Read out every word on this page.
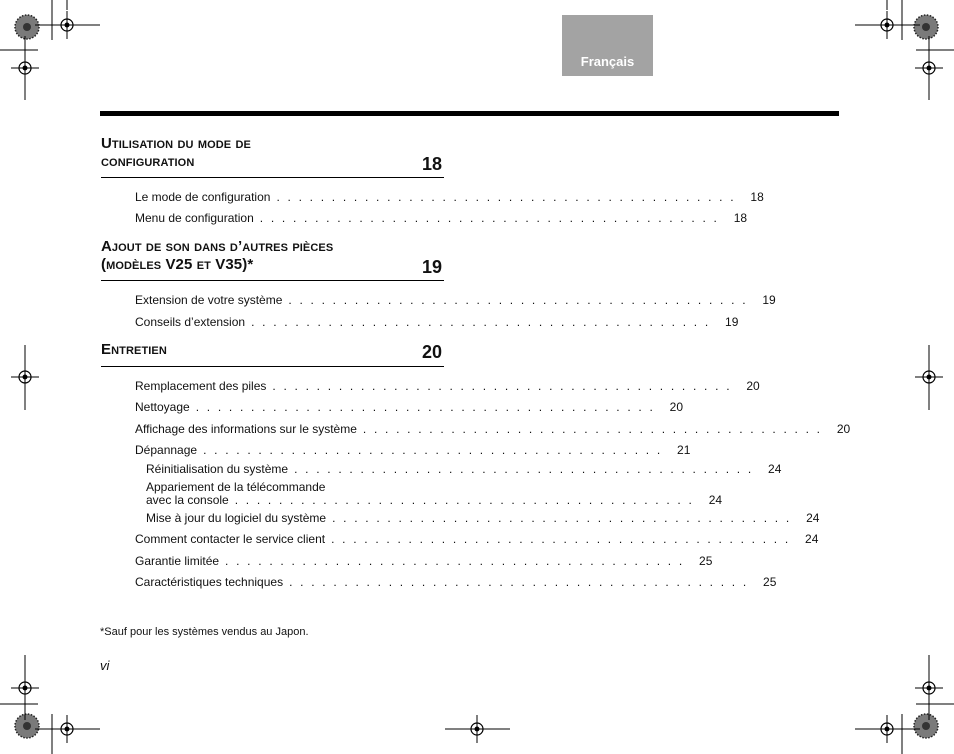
Français
Utilisation du mode de
configuration	18
Le mode de configuration . . . . . . . . . . . . . . . . . . . . . . . . . . . . . . . . . . . . . . . . . .	18
Menu de configuration . . . . . . . . . . . . . . . . . . . . . . . . . . . . . . . . . . . . . . . . . .	18
Ajout de son dans d’autres pièces
(modèles V25 et V35)*	19
Extension de votre système . . . . . . . . . . . . . . . . . . . . . . . . . . . . . . . . . . . . . . . . . .	19
Conseils d’extension . . . . . . . . . . . . . . . . . . . . . . . . . . . . . . . . . . . . . . . . . .	19
Entretien	20
Remplacement des piles . . . . . . . . . . . . . . . . . . . . . . . . . . . . . . . . . . . . . . . . . .	20
Nettoyage . . . . . . . . . . . . . . . . . . . . . . . . . . . . . . . . . . . . . . . . . .	20
Affichage des informations sur le système . . . . . . . . . . . . . . . . . . . . . . . . . . . . . . . . . . . . . . . . . .	20
Dépannage . . . . . . . . . . . . . . . . . . . . . . . . . . . . . . . . . . . . . . . . . .	21
Réinitialisation du système . . . . . . . . . . . . . . . . . . . . . . . . . . . . . . . . . . . . . . . . . .	24
Appariement de la télécommande
avec la console . . . . . . . . . . . . . . . . . . . . . . . . . . . . . . . . . . . . . . . . . .	24
Mise à jour du logiciel du système . . . . . . . . . . . . . . . . . . . . . . . . . . . . . . . . . . . . . . . . . .	24
Comment contacter le service client . . . . . . . . . . . . . . . . . . . . . . . . . . . . . . . . . . . . . . . . . .	24
Garantie limitée . . . . . . . . . . . . . . . . . . . . . . . . . . . . . . . . . . . . . . . . . .	25
Caractéristiques techniques . . . . . . . . . . . . . . . . . . . . . . . . . . . . . . . . . . . . . . . . . .	25
*Sauf pour les systèmes vendus au Japon.
vi
